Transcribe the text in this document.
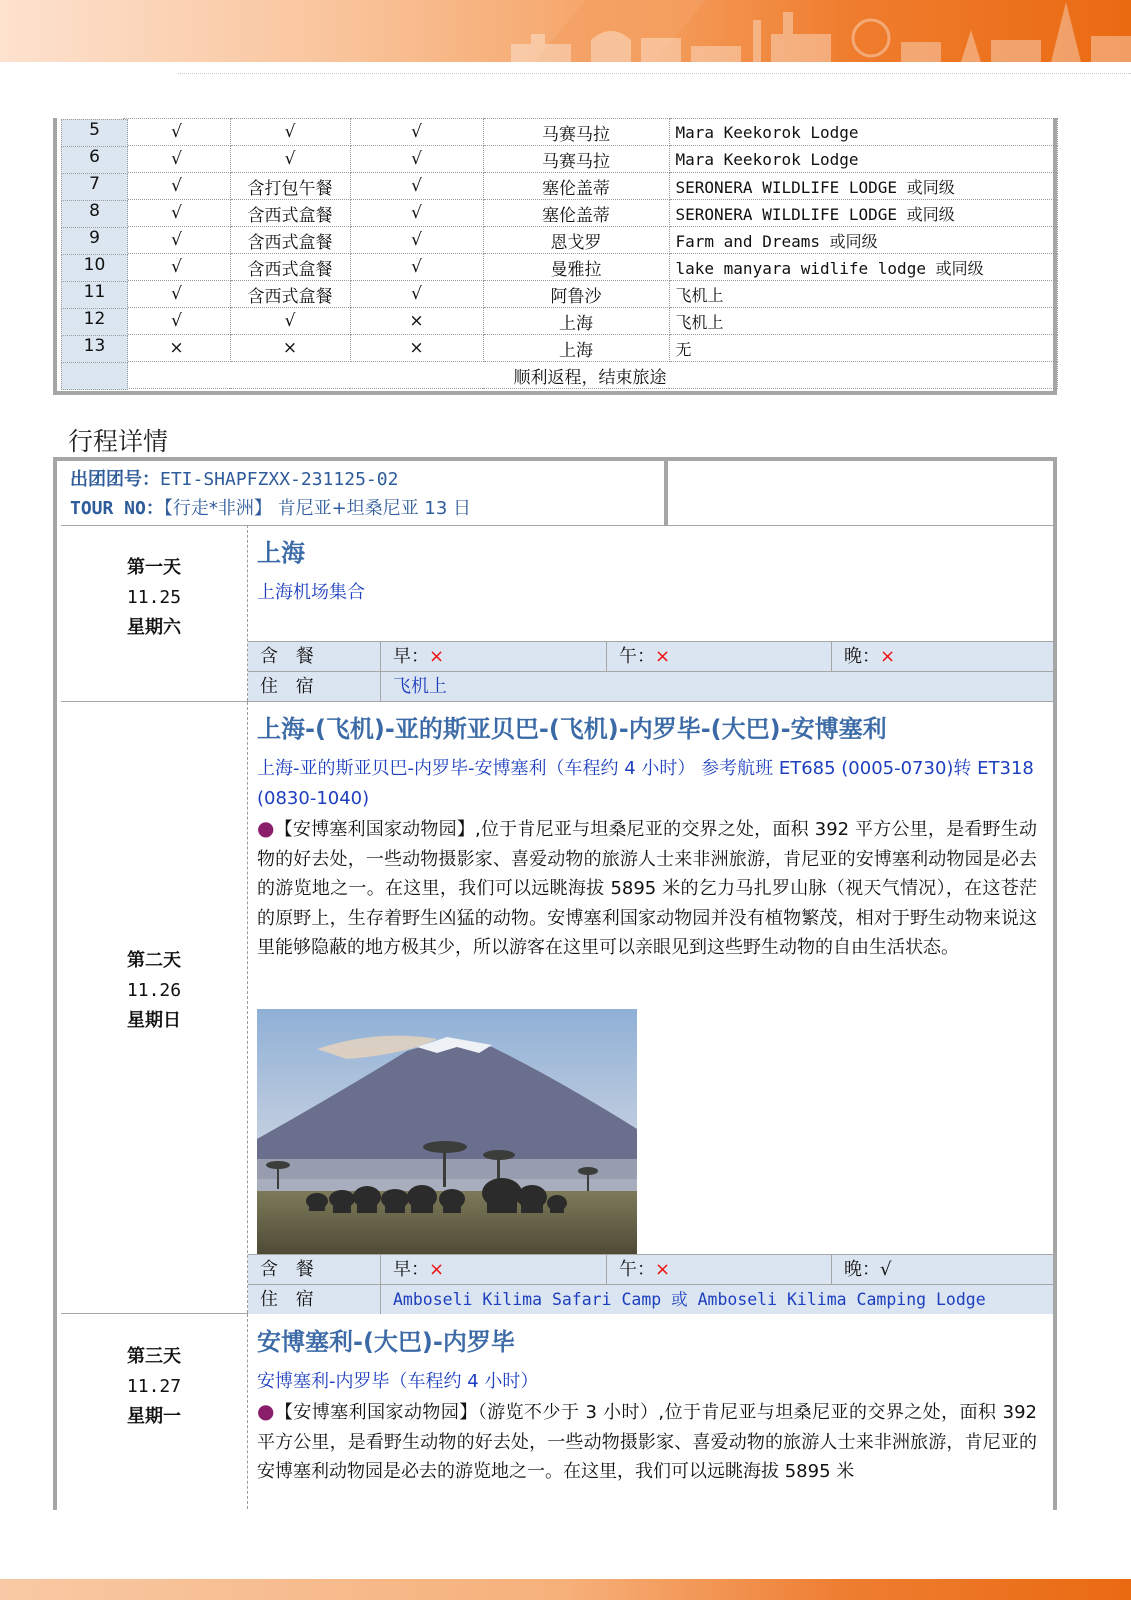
5	√	√	√	马赛马拉	Mara Keekorok Lodge

6	√	√	√	马赛马拉	Mara Keekorok Lodge

7	√	含打包午餐	√	塞伦盖蒂	SERONERA WILDLIFE LODGE 或同级

8	√	含西式盒餐	√	塞伦盖蒂	SERONERA WILDLIFE LODGE 或同级

9	√	含西式盒餐	√	恩戈罗	Farm and Dreams 或同级

10	√	含西式盒餐	√	曼雅拉	lake manyara widlife lodge 或同级

11	√	含西式盒餐	√	阿鲁沙	飞机上

12	√	√	×	上海	飞机上

13	×	×	×	上海	无

顺利返程，结束旅途				
行程详情
出团团号：ETI-SHAPFZXX-231125-02
TOUR NO：【行走*非洲】 肯尼亚+坦桑尼亚 13 日
第一天
11.25
星期六
上海
上海机场集合
含 餐	早：×	午：×	晚：×
住 宿	飞机上
第二天
11.26
星期日
上海-(飞机)-亚的斯亚贝巴-(飞机)-内罗毕-(大巴)-安博塞利
上海-亚的斯亚贝巴-内罗毕-安博塞利（车程约 4 小时） 参考航班 ET685 (0005-0730)转 ET318 (0830-1040)
●【安博塞利国家动物园】,位于肯尼亚与坦桑尼亚的交界之处，面积 392 平方公里，是看野生动物的好去处，一些动物摄影家、喜爱动物的旅游人士来非洲旅游，肯尼亚的安博塞利动物园是必去的游览地之一。在这里，我们可以远眺海拔 5895 米的乞力马扎罗山脉（视天气情况），在这苍茫的原野上，生存着野生凶猛的动物。安博塞利国家动物园并没有植物繁茂，相对于野生动物来说这里能够隐蔽的地方极其少，所以游客在这里可以亲眼见到这些野生动物的自由生活状态。
含 餐	早：×	午：×	晚：√
住 宿	Amboseli Kilima Safari Camp 或 Amboseli Kilima Camping Lodge
第三天
11.27
星期一
安博塞利-(大巴)-内罗毕
安博塞利-内罗毕（车程约 4 小时）
●【安博塞利国家动物园】（游览不少于 3 小时）,位于肯尼亚与坦桑尼亚的交界之处，面积 392 平方公里，是看野生动物的好去处，一些动物摄影家、喜爱动物的旅游人士来非洲旅游，肯尼亚的安博塞利动物园是必去的游览地之一。在这里，我们可以远眺海拔 5895 米
